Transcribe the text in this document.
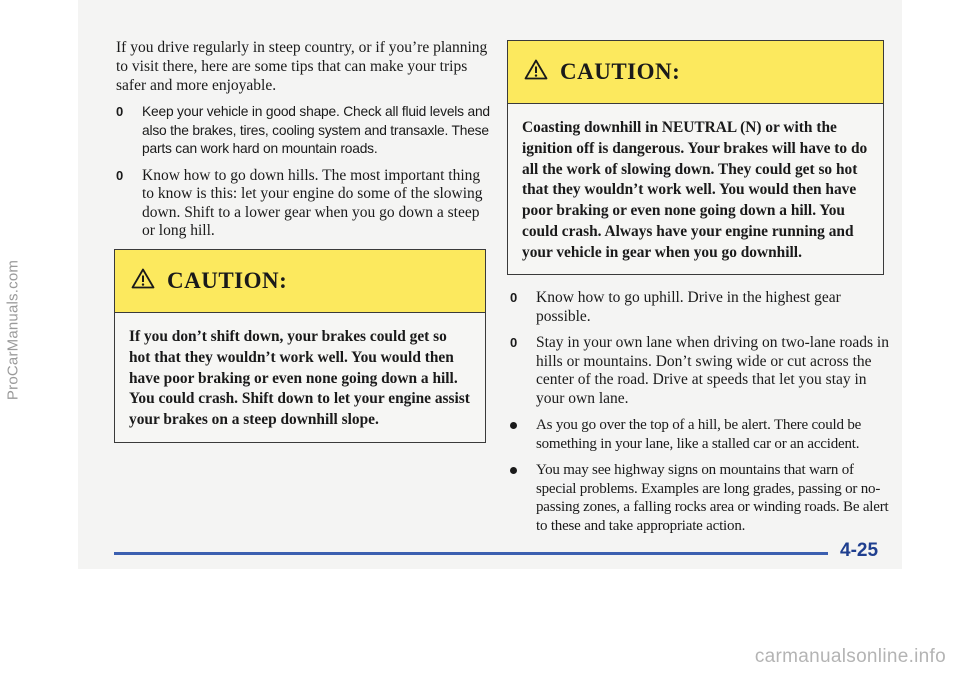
ProCarManuals.com

If you drive regularly in steep country, or if you’re planning to visit there, here are some tips that can make your trips safer and more enjoyable.

0 Keep your vehicle in good shape. Check all fluid levels and also the brakes, tires, cooling system and transaxle. These parts can work hard on mountain roads.
0 Know how to go down hills. The most important thing to know is this: let your engine do some of the slowing down. Shift to a lower gear when you go down a steep or long hill.
CAUTION:
If you don’t shift down, your brakes could get so hot that they wouldn’t work well. You would then have poor braking or even none going down a hill. You could crash. Shift down to let your engine assist your brakes on a steep downhill slope.
CAUTION:
Coasting downhill in NEUTRAL (N) or with the ignition off is dangerous. Your brakes will have to do all the work of slowing down. They could get so hot that they wouldn’t work well. You would then have poor braking or even none going down a hill. You could crash. Always have your engine running and your vehicle in gear when you go downhill.
0 Know how to go uphill. Drive in the highest gear possible.
0 Stay in your own lane when driving on two-lane roads in hills or mountains. Don’t swing wide or cut across the center of the road. Drive at speeds that let you stay in your own lane.
As you go over the top of a hill, be alert. There could be something in your lane, like a stalled car or an accident.
You may see highway signs on mountains that warn of special problems. Examples are long grades, passing or no-passing zones, a falling rocks area or winding roads. Be alert to these and take appropriate action.
4-25
carmanualsonline.info
